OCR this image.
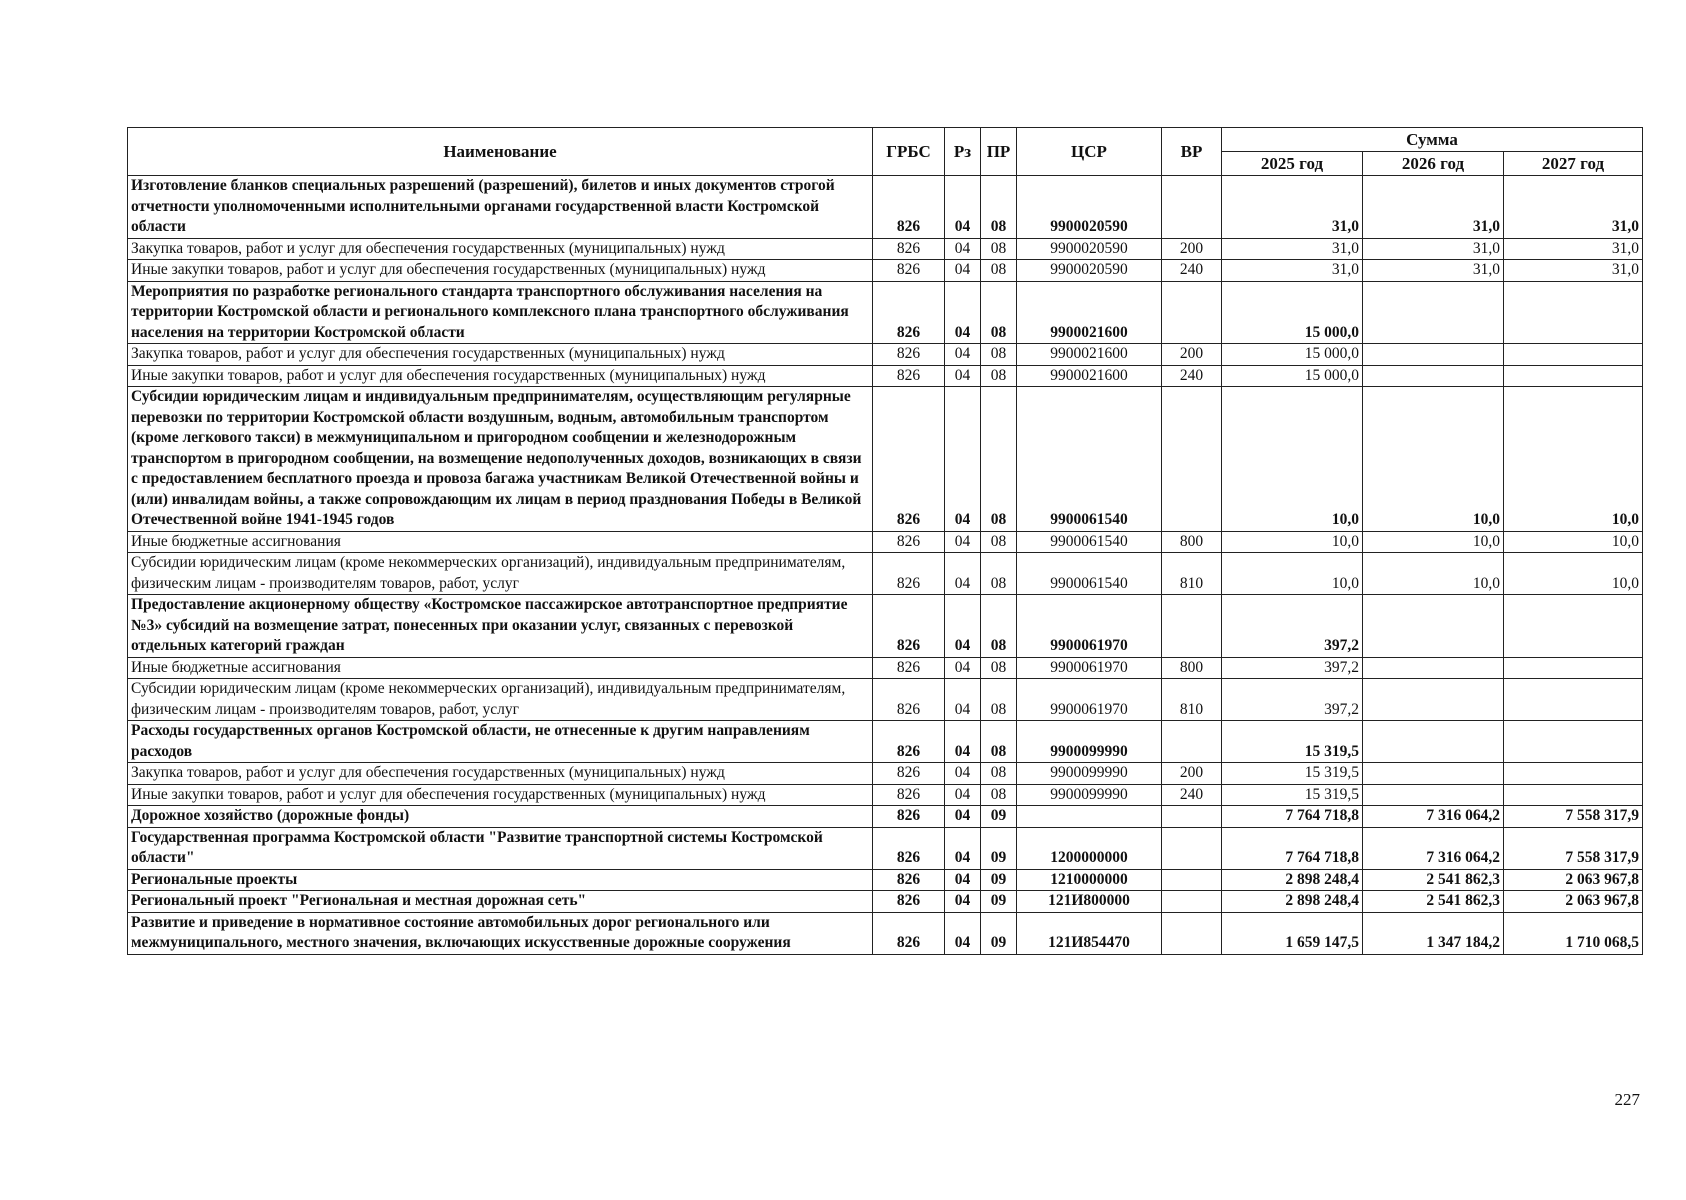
Наименование	ГРБС	Рз	ПР	ЦСР	ВР	Сумма		
						2025 год	2026 год	2027 год
Изготовление бланков специальных разрешений (разрешений), билетов и иных документов строгой отчетности уполномоченными исполнительными органами государственной власти Костромской области	826	04	08	9900020590		31,0	31,0	31,0
Закупка товаров, работ и услуг для обеспечения государственных (муниципальных) нужд	826	04	08	9900020590	200	31,0	31,0	31,0
Иные закупки товаров, работ и услуг для обеспечения государственных (муниципальных) нужд	826	04	08	9900020590	240	31,0	31,0	31,0
Мероприятия по разработке регионального стандарта транспортного обслуживания населения на территории Костромской области и регионального комплексного плана транспортного обслуживания населения на территории Костромской области	826	04	08	9900021600		15 000,0		
Закупка товаров, работ и услуг для обеспечения государственных (муниципальных) нужд	826	04	08	9900021600	200	15 000,0		
Иные закупки товаров, работ и услуг для обеспечения государственных (муниципальных) нужд	826	04	08	9900021600	240	15 000,0		
Субсидии юридическим лицам и индивидуальным предпринимателям, осуществляющим регулярные перевозки по территории Костромской области воздушным, водным, автомобильным транспортом (кроме легкового такси) в межмуниципальном и пригородном сообщении и железнодорожным транспортом в пригородном сообщении, на возмещение недополученных доходов, возникающих в связи с предоставлением бесплатного проезда и провоза багажа участникам Великой Отечественной войны и (или) инвалидам войны, а также сопровождающим их лицам в период празднования Победы в Великой Отечественной войне 1941-1945 годов	826	04	08	9900061540		10,0	10,0	10,0
Иные бюджетные ассигнования	826	04	08	9900061540	800	10,0	10,0	10,0
Субсидии юридическим лицам (кроме некоммерческих организаций), индивидуальным предпринимателям, физическим лицам - производителям товаров, работ, услуг	826	04	08	9900061540	810	10,0	10,0	10,0
Предоставление акционерному обществу «Костромское пассажирское автотранспортное предприятие №3» субсидий на возмещение затрат, понесенных при оказании услуг, связанных с перевозкой отдельных категорий граждан	826	04	08	9900061970		397,2		
Иные бюджетные ассигнования	826	04	08	9900061970	800	397,2		
Субсидии юридическим лицам (кроме некоммерческих организаций), индивидуальным предпринимателям, физическим лицам - производителям товаров, работ, услуг	826	04	08	9900061970	810	397,2		
Расходы государственных органов Костромской области, не отнесенные к другим направлениям расходов	826	04	08	9900099990		15 319,5		
Закупка товаров, работ и услуг для обеспечения государственных (муниципальных) нужд	826	04	08	9900099990	200	15 319,5		
Иные закупки товаров, работ и услуг для обеспечения государственных (муниципальных) нужд	826	04	08	9900099990	240	15 319,5		
Дорожное хозяйство (дорожные фонды)	826	04	09			7 764 718,8	7 316 064,2	7 558 317,9
Государственная программа Костромской области "Развитие транспортной системы Костромской области"	826	04	09	1200000000		7 764 718,8	7 316 064,2	7 558 317,9
Региональные проекты	826	04	09	1210000000		2 898 248,4	2 541 862,3	2 063 967,8
Региональный проект "Региональная и местная дорожная сеть"	826	04	09	121И800000		2 898 248,4	2 541 862,3	2 063 967,8
Развитие и приведение в нормативное состояние автомобильных дорог регионального или межмуниципального, местного значения, включающих искусственные дорожные сооружения	826	04	09	121И854470		1 659 147,5	1 347 184,2	1 710 068,5
227
